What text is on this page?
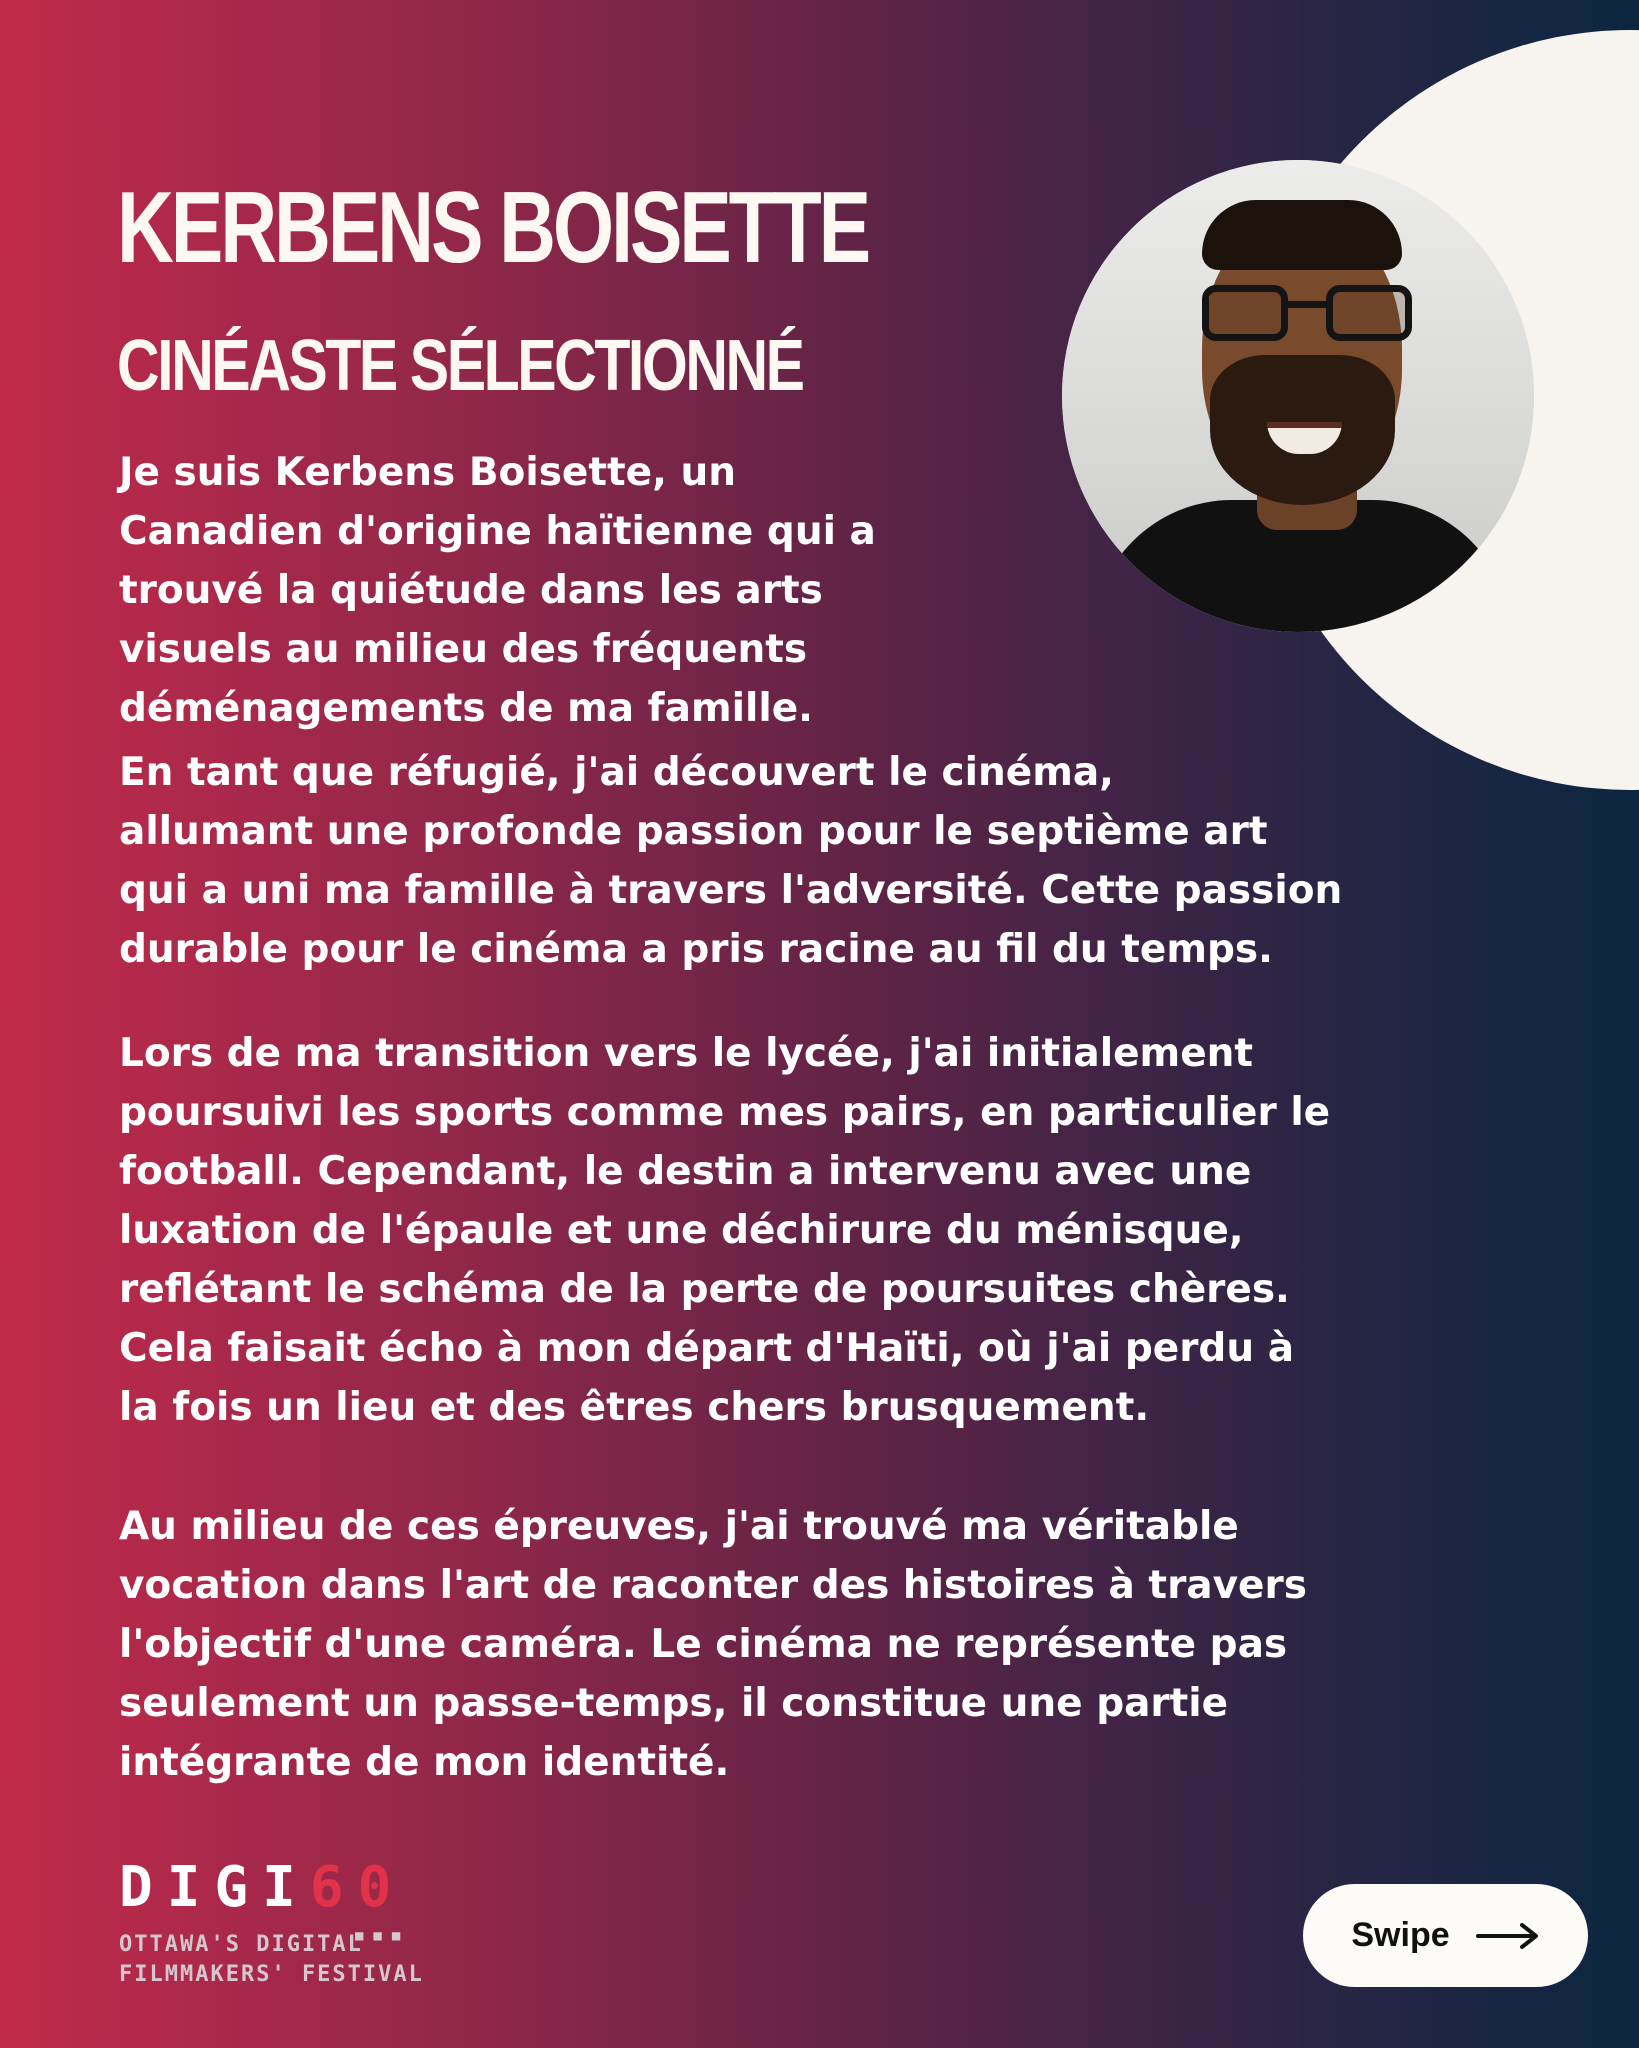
KERBENS BOISETTE
CINÉASTE SÉLECTIONNÉ

Je suis Kerbens Boisette, un
Canadien d'origine haïtienne qui a
trouvé la quiétude dans les arts
visuels au milieu des fréquents
déménagements de ma famille.

En tant que réfugié, j'ai découvert le cinéma,
allumant une profonde passion pour le septième art
qui a uni ma famille à travers l'adversité. Cette passion
durable pour le cinéma a pris racine au fil du temps.

Lors de ma transition vers le lycée, j'ai initialement
poursuivi les sports comme mes pairs, en particulier le
football. Cependant, le destin a intervenu avec une
luxation de l'épaule et une déchirure du ménisque,
reflétant le schéma de la perte de poursuites chères.
Cela faisait écho à mon départ d'Haïti, où j'ai perdu à
la fois un lieu et des êtres chers brusquement.

Au milieu de ces épreuves, j'ai trouvé ma véritable
vocation dans l'art de raconter des histoires à travers
l'objectif d'une caméra. Le cinéma ne représente pas
seulement un passe-temps, il constitue une partie
intégrante de mon identité.

DIGI60
OTTAWA'S DIGITAL
FILMMAKERS' FESTIVAL
■■■	Swipe
